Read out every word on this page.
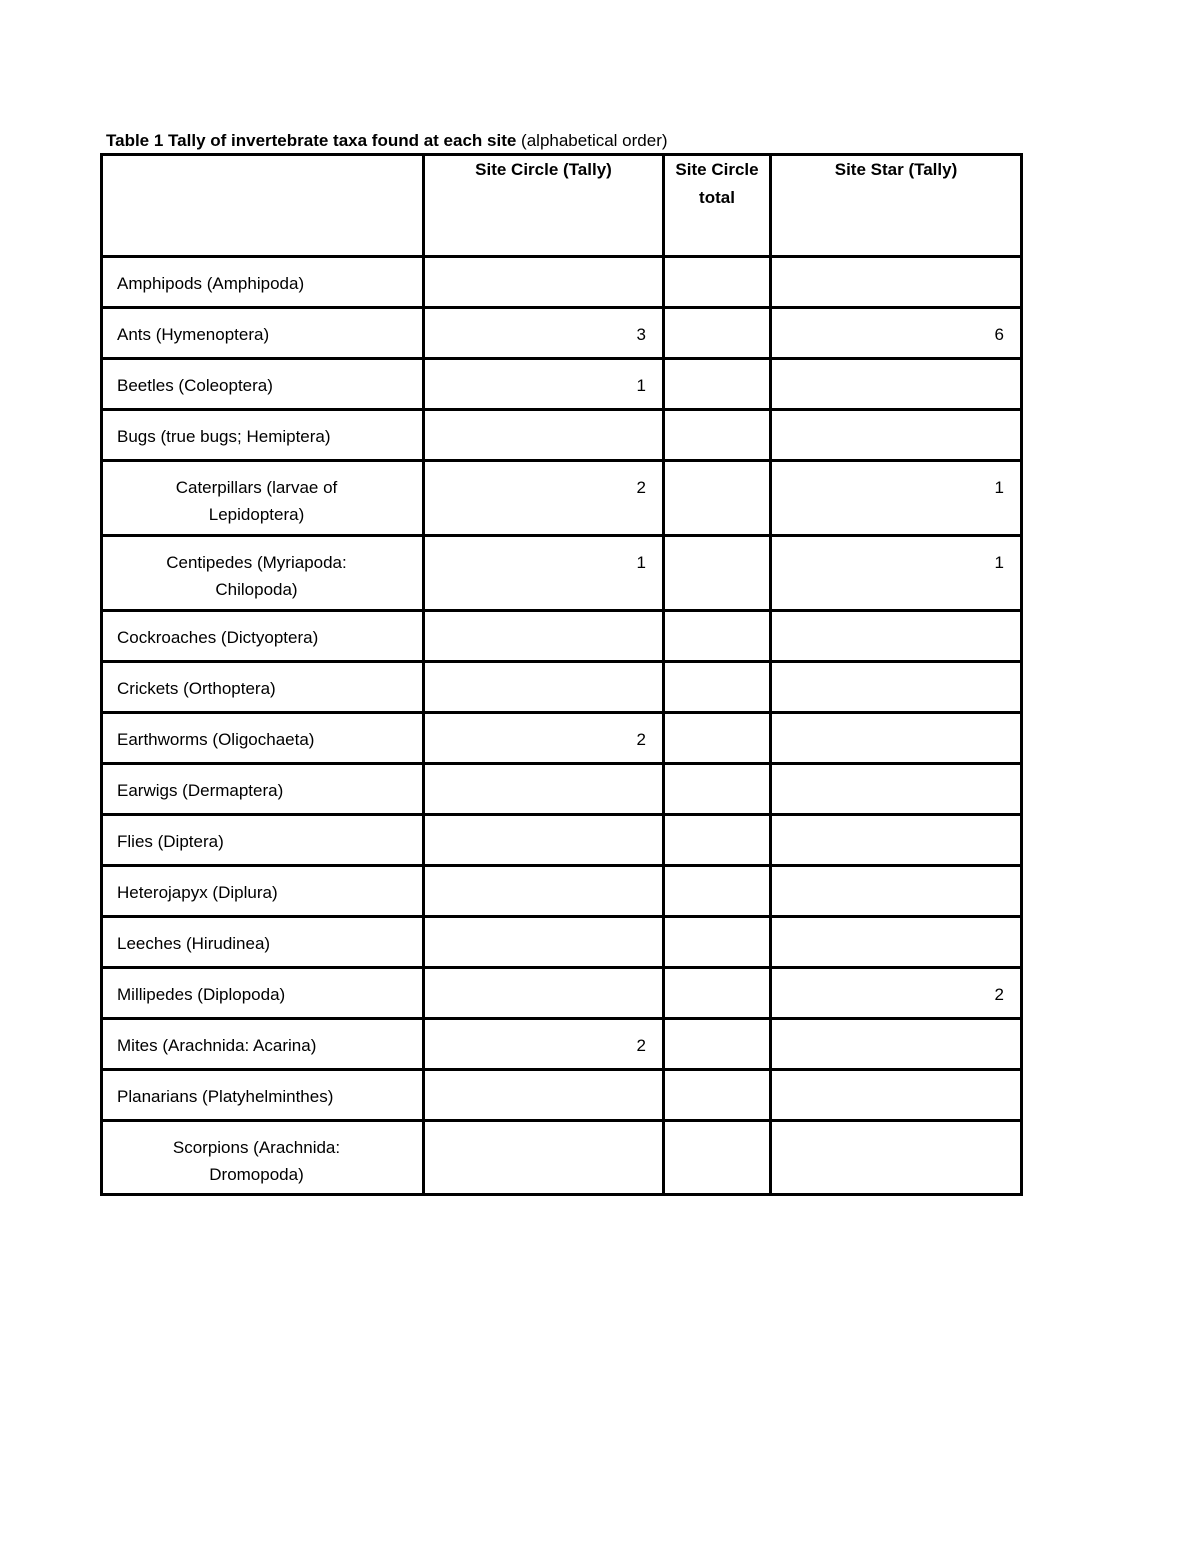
Table 1 Tally of invertebrate taxa found at each site (alphabetical order)
	Site Circle (Tally)	Site Circle total	Site Star (Tally)
Amphipods (Amphipoda)			
Ants (Hymenoptera)	3		6
Beetles (Coleoptera)	1		
Bugs (true bugs; Hemiptera)			
Caterpillars (larvae of Lepidoptera)	2		1
Centipedes (Myriapoda: Chilopoda)	1		1
Cockroaches (Dictyoptera)			
Crickets (Orthoptera)			
Earthworms (Oligochaeta)	2		
Earwigs (Dermaptera)			
Flies (Diptera)			
Heterojapyx (Diplura)			
Leeches (Hirudinea)			
Millipedes (Diplopoda)			2
Mites (Arachnida: Acarina)	2		
Planarians (Platyhelminthes)			
Scorpions (Arachnida: Dromopoda)			
